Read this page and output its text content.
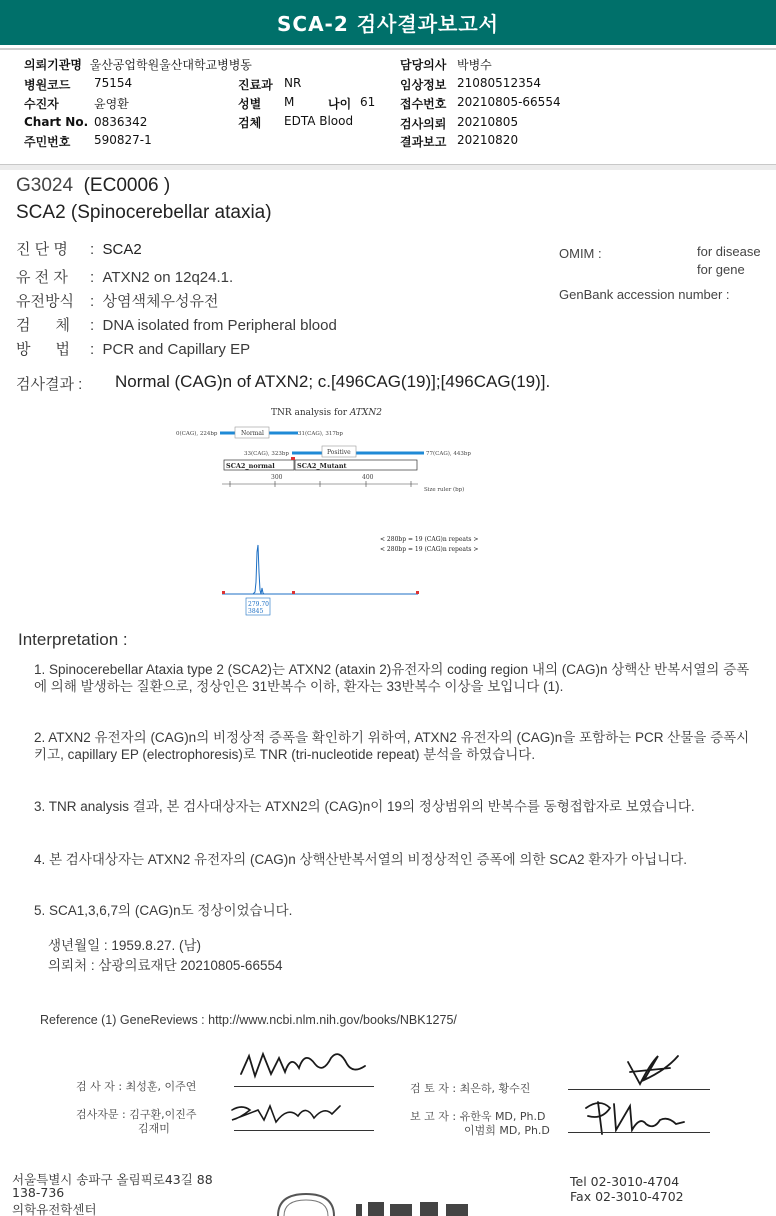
SCA-2 검사결과보고서
의뢰기관명 울산공업학원울산대학교병병동
병원코드 75154
수진자	윤영환
Chart No. 0836342
주민번호 590827-1
진료과 NR
성별 M	나이 61
검체 EDTA Blood
담당의사 박병수
임상정보 21080512354
접수번호 20210805-66554
검사의뢰 20210805
결과보고 20210820
G3024 (EC0006 )
SCA2 (Spinocerebellar ataxia)
진 단 명 : SCA2
유 전 자 : ATXN2 on 12q24.1.
유전방식 : 상염색체우성유전
검      체 : DNA isolated from Peripheral blood
방      법 : PCR and Capillary EP
OMIM :	for disease
for gene
GenBank accession number :
검사결과 : Normal (CAG)n of ATXN2; c.[496CAG(19)];[496CAG(19)].
TNR analysis for ATXN2
0(CAG), 224bp	Normal	31(CAG), 317bp
33(CAG), 323bp	Positive	77(CAG), 443bp
SCA2_normal	SCA2_Mutant
300	400
Size ruler (bp)
< 280bp = 19 (CAG)n repeats >
< 280bp = 19 (CAG)n repeats >
279.70
3845
Interpretation :
1. Spinocerebellar Ataxia type 2 (SCA2)는 ATXN2 (ataxin 2)유전자의 coding region 내의 (CAG)n 상핵산 반복서열의 증폭에 의해 발생하는 질환으로, 정상인은 31반복수 이하, 환자는 33반복수 이상을 보입니다 (1).
2. ATXN2 유전자의 (CAG)n의 비정상적 증폭을 확인하기 위하여, ATXN2 유전자의 (CAG)n을 포함하는 PCR 산물을 증폭시키고, capillary EP (electrophoresis)로 TNR (tri-nucleotide repeat) 분석을 하였습니다.
3. TNR analysis 결과, 본 검사대상자는 ATXN2의 (CAG)n이 19의 정상범위의 반복수를 동형접합자로 보였습니다.
4. 본 검사대상자는 ATXN2 유전자의 (CAG)n 상핵산반복서열의 비정상적인 증폭에 의한 SCA2 환자가 아닙니다.
5. SCA1,3,6,7의 (CAG)n도 정상이었습니다.
생년월일 : 1959.8.27. (남)
의뢰처 : 삼광의료재단 20210805-66554
Reference (1) GeneReviews : http://www.ncbi.nlm.nih.gov/books/NBK1275/
검 사 자 : 최성훈, 이주연	검 토 자 : 최은하, 황수진
검사자문 : 김구환,이진주
김재미
보 고 자 : 유한욱 MD, Ph.D
이범희 MD, Ph.D
서울특별시 송파구 올림픽로43길 88
138-736
의학유전학센터
Tel 02-3010-4704
Fax 02-3010-4702
